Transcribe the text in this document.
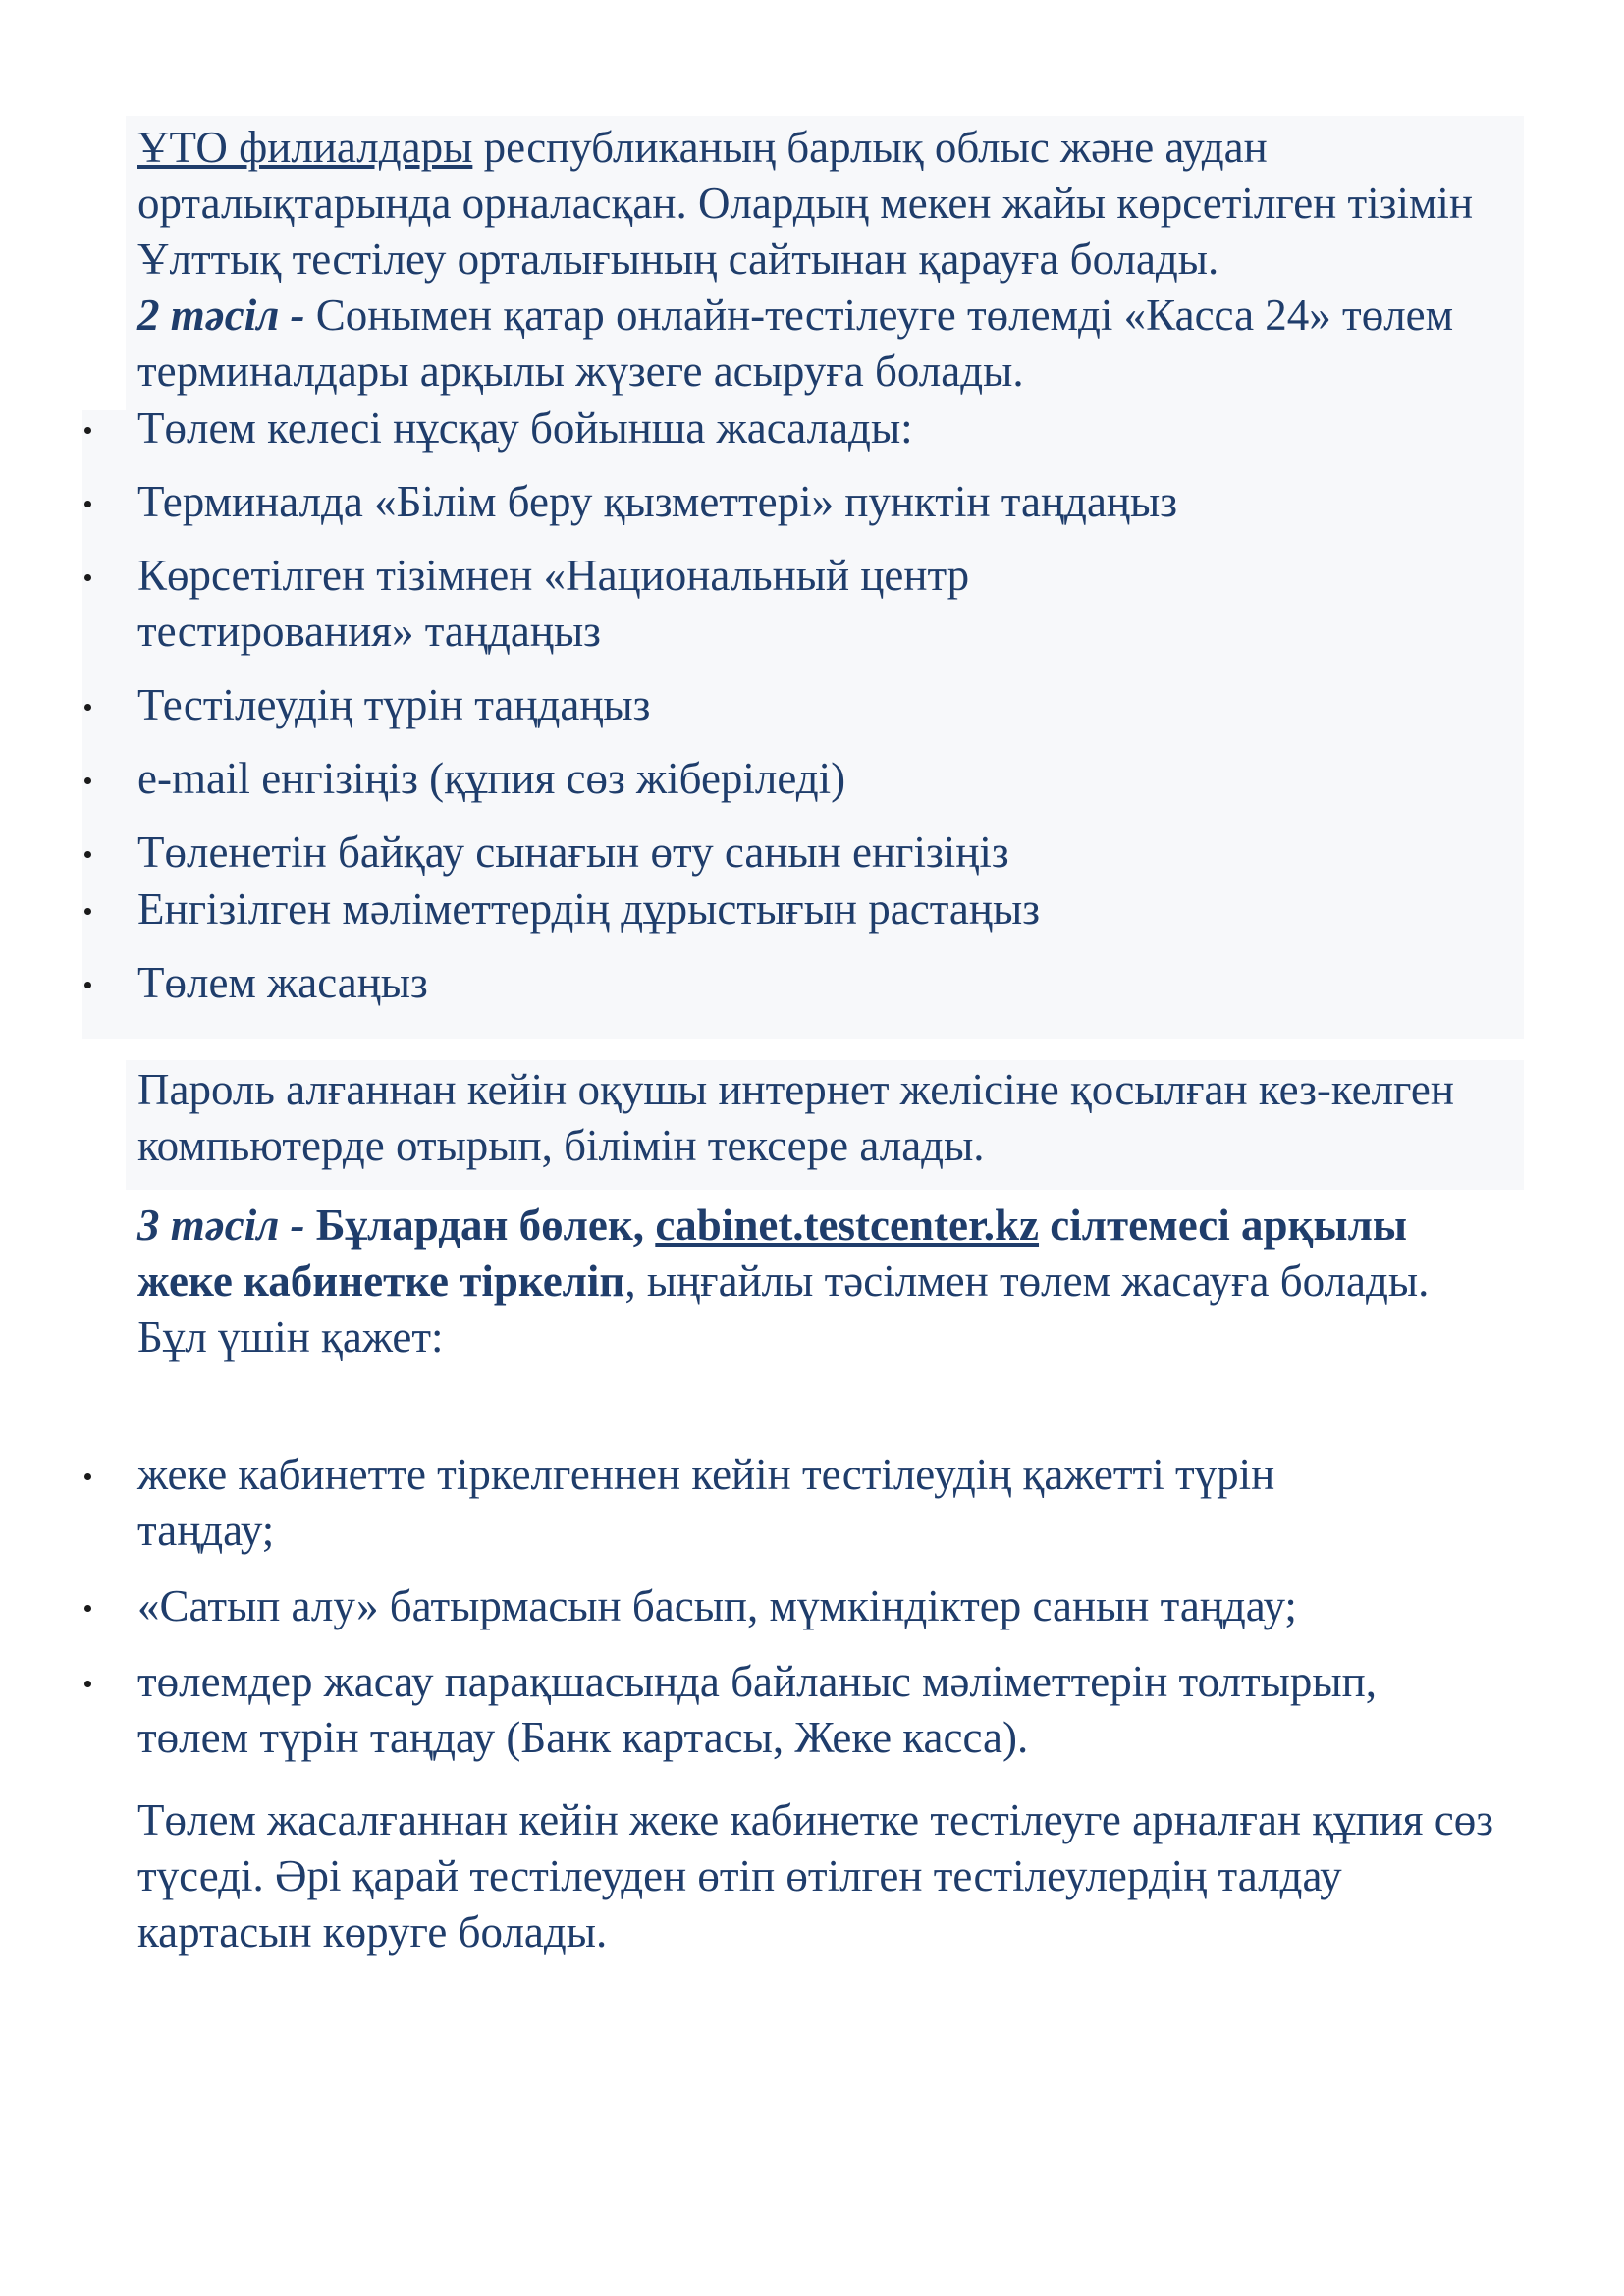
ҰТО филиалдары республиканың барлық облыс және аудан орталықтарында орналасқан. Олардың мекен жайы көрсетілген тізімін Ұлттық тестілеу орталығының сайтынан қарауға болады.

2 тәсіл - Сонымен қатар онлайн-тестілеуге төлемді «Касса 24» төлем терминалдары арқылы жүзеге асыруға болады.

Төлем келесі нұсқау бойынша жасалады:
Терминалда «Білім беру қызметтері» пунктін таңдаңыз
Көрсетілген тізімнен «Национальный центр тестирования» таңдаңыз
Тестілеудің түрін таңдаңыз
e-mail енгізіңіз (құпия сөз жіберіледі)
Төленетін байқау сынағын өту санын енгізіңіз
Енгізілген мәліметтердің дұрыстығын растаңыз
Төлем жасаңыз

Пароль алғаннан кейін оқушы интернет желісіне қосылған кез-келген компьютерде отырып, білімін тексере алады.

3 тәсіл - Бұлардан бөлек, cabinet.testcenter.kz сілтемесі арқылы жеке кабинетке тіркеліп, ыңғайлы тәсілмен төлем жасауға болады.

Бұл үшін қажет:

жеке кабинетте тіркелгеннен кейін тестілеудің қажетті түрін таңдау;
«Сатып алу» батырмасын басып, мүмкіндіктер санын таңдау;
төлемдер жасау парақшасында байланыс мәліметтерін толтырып, төлем түрін таңдау (Банк картасы, Жеке касса).

Төлем жасалғаннан кейін жеке кабинетке тестілеуге арналған құпия сөз түседі. Әрі қарай тестілеуден өтіп өтілген тестілеулердің талдау картасын көруге болады.
